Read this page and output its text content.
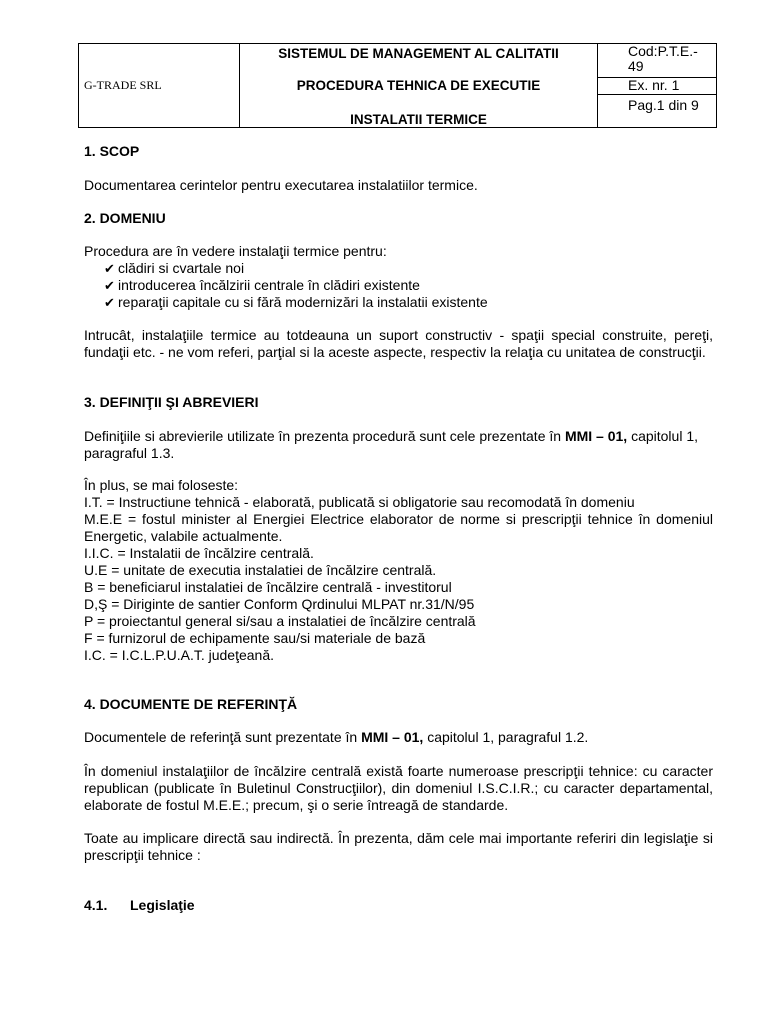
G-TRADE SRL

SISTEMUL DE MANAGEMENT AL CALITATII
PROCEDURA TEHNICA DE EXECUTIE
INSTALATII TERMICE
	Cod:P.T.E.- 49
Ex. nr. 1
Pag.1 din 9
1. SCOP

Documentarea cerintelor pentru executarea instalatiilor termice.

2. DOMENIU

Procedura are în vedere instalaţii termice pentru:

✔ clădiri si cvartale noi
✔ introducerea încălzirii centrale în clădiri existente
✔ reparaţii capitale cu si fără modernizări la instalatii existente

Intrucât, instalaţiile termice au totdeauna un suport constructiv - spaţii special construite, pereţi, fundaţii etc. - ne vom referi, parţial si la aceste aspecte, respectiv la relaţia cu unitatea de construcţii.

3. DEFINIŢII ŞI ABREVIERI

Definiţiile si abrevierile utilizate în prezenta procedură sunt cele prezentate în MMI – 01, capitolul 1, paragraful 1.3.

În plus, se mai foloseste:

I.T. = Instructiune tehnică - elaborată, publicată si obligatorie sau recomodată în domeniu
M.E.E = fostul minister al Energiei Electrice elaborator de norme si prescripţii tehnice în domeniul Energetic, valabile actualmente.
I.I.C. = Instalatii de încălzire centrală.
U.E = unitate de executia instalatiei de încălzire centrală.
B = beneficiarul instalatiei de încălzire centrală - investitorul
D,Ş = Diriginte de santier Conform Qrdinului MLPAT nr.31/N/95
P = proiectantul general si/sau a instalatiei de încălzire centrală
F = furnizorul de echipamente sau/si materiale de bază
I.C. = I.C.L.P.U.A.T. judeţeană.
4. DOCUMENTE DE REFERINŢĂ

Documentele de referinţă sunt prezentate în MMI – 01, capitolul 1, paragraful 1.2.

În domeniul instalaţiilor de încălzire centrală există foarte numeroase prescripţii tehnice: cu caracter republican (publicate în Buletinul Construcţiilor), din domeniul I.S.C.I.R.; cu caracter departamental, elaborate de fostul M.E.E.; precum, şi o serie întreagă de standarde.

Toate au implicare directă sau indirectă. În prezenta, dăm cele mai importante referiri din legislaţie si prescripţii tehnice :

4.1. Legislaţie
